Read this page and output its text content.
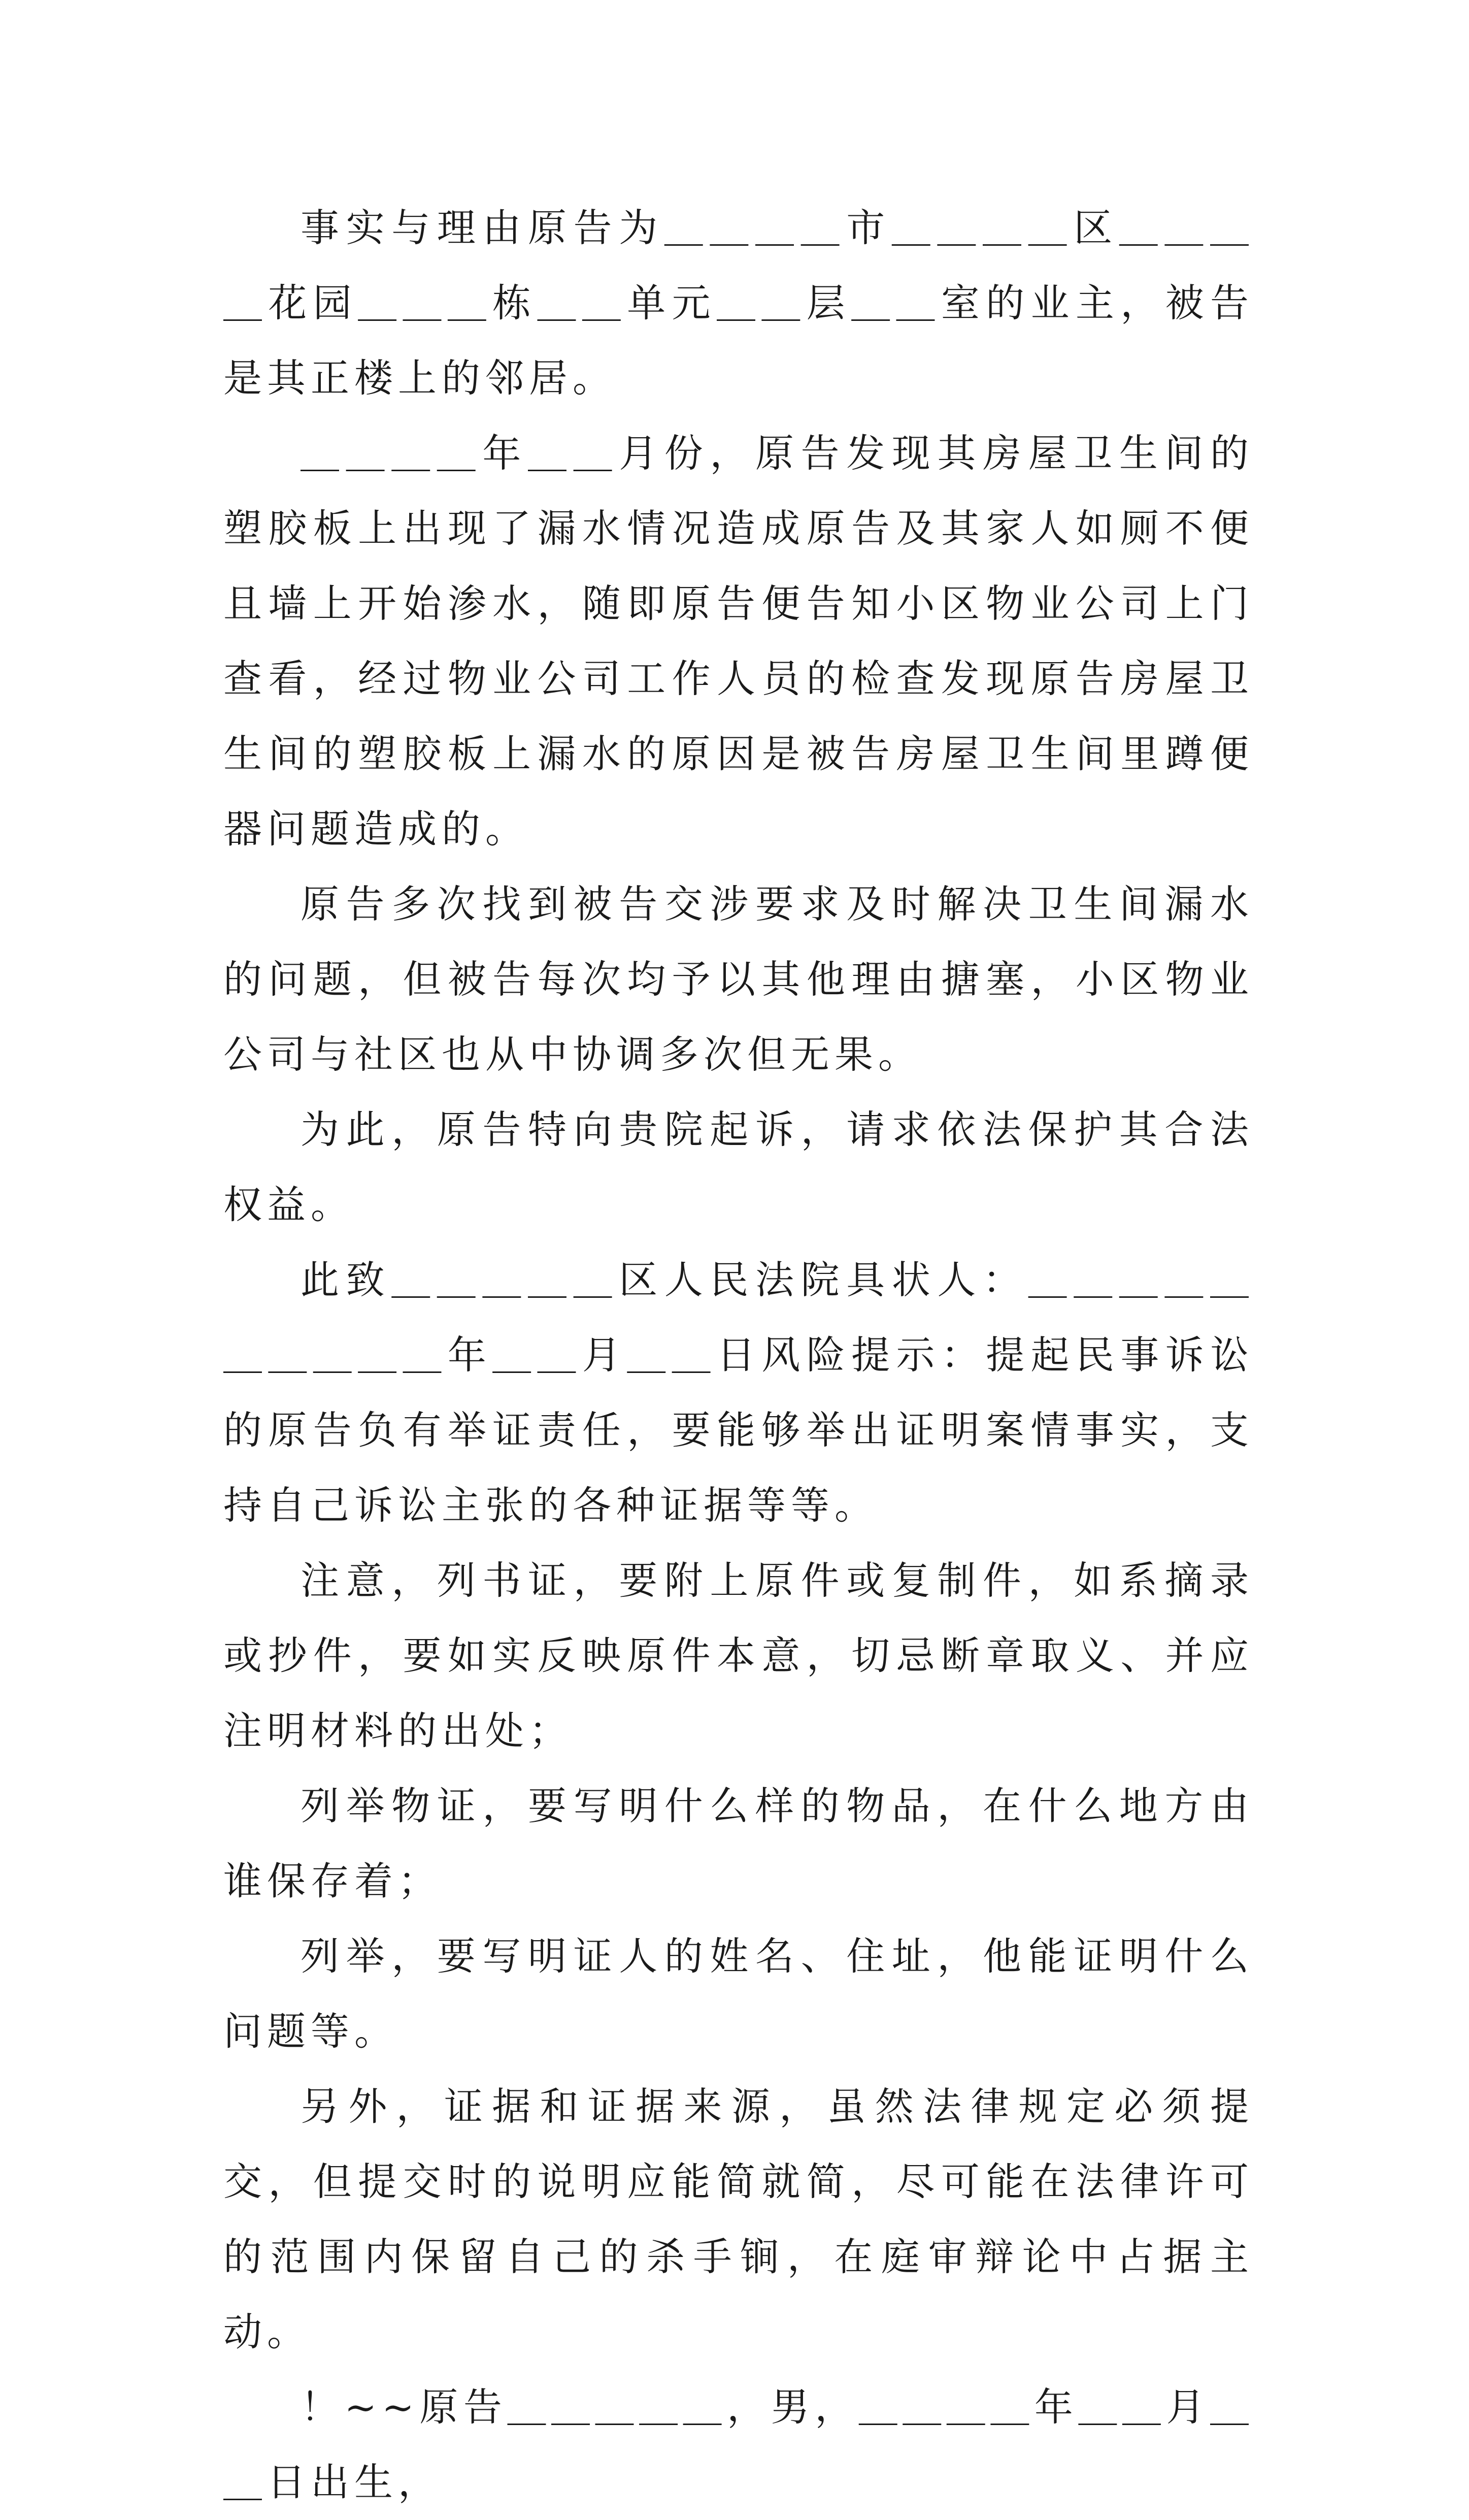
事实与理由原告为＿＿＿＿市＿＿＿＿区＿＿＿＿花园＿＿＿栋＿＿单元＿＿层＿＿室的业主，被告是其正楼上的邻居。

＿＿＿＿年＿＿月份，原告发现其房屋卫生间的塑胶板上出现了漏水情况造成原告及其家人如厕不便且墙上开始渗水，随即原告便告知小区物业公司上门查看，经过物业公司工作人员的检查发现原告房屋卫生间的塑胶板上漏水的原因是被告房屋卫生间里蹲便器问题造成的。

原告多次找到被告交涉要求及时解决卫生间漏水的问题，但被告每次均予以其他理由搪塞，小区物业公司与社区也从中协调多次但无果。

为此，原告特向贵院起诉，请求依法保护其合法权益。

此致＿＿＿＿＿区人民法院具状人：＿＿＿＿＿＿＿＿＿＿年＿＿月＿＿日风险提示：提起民事诉讼的原告负有举证责任，要能够举出证明案情事实，支持自己诉讼主张的各种证据等等。

注意，列书证，要附上原件或复制件，如系摘录或抄件，要如实反映原件本意，切忌断章取义、并应注明材料的出处；

列举物证，要写明什么样的物品，在什么地方由谁保存着；

列举，要写明证人的姓名、住址，他能证明什么问题等。

另外，证据和证据来源，虽然法律规定必须提交，但提交时的说明应能简就简，尽可能在法律许可的范围内保留自己的杀手锏，在庭审辩论中占据主动。

！~~原告＿＿＿＿＿，男，＿＿＿＿年＿＿月＿＿日出生，
